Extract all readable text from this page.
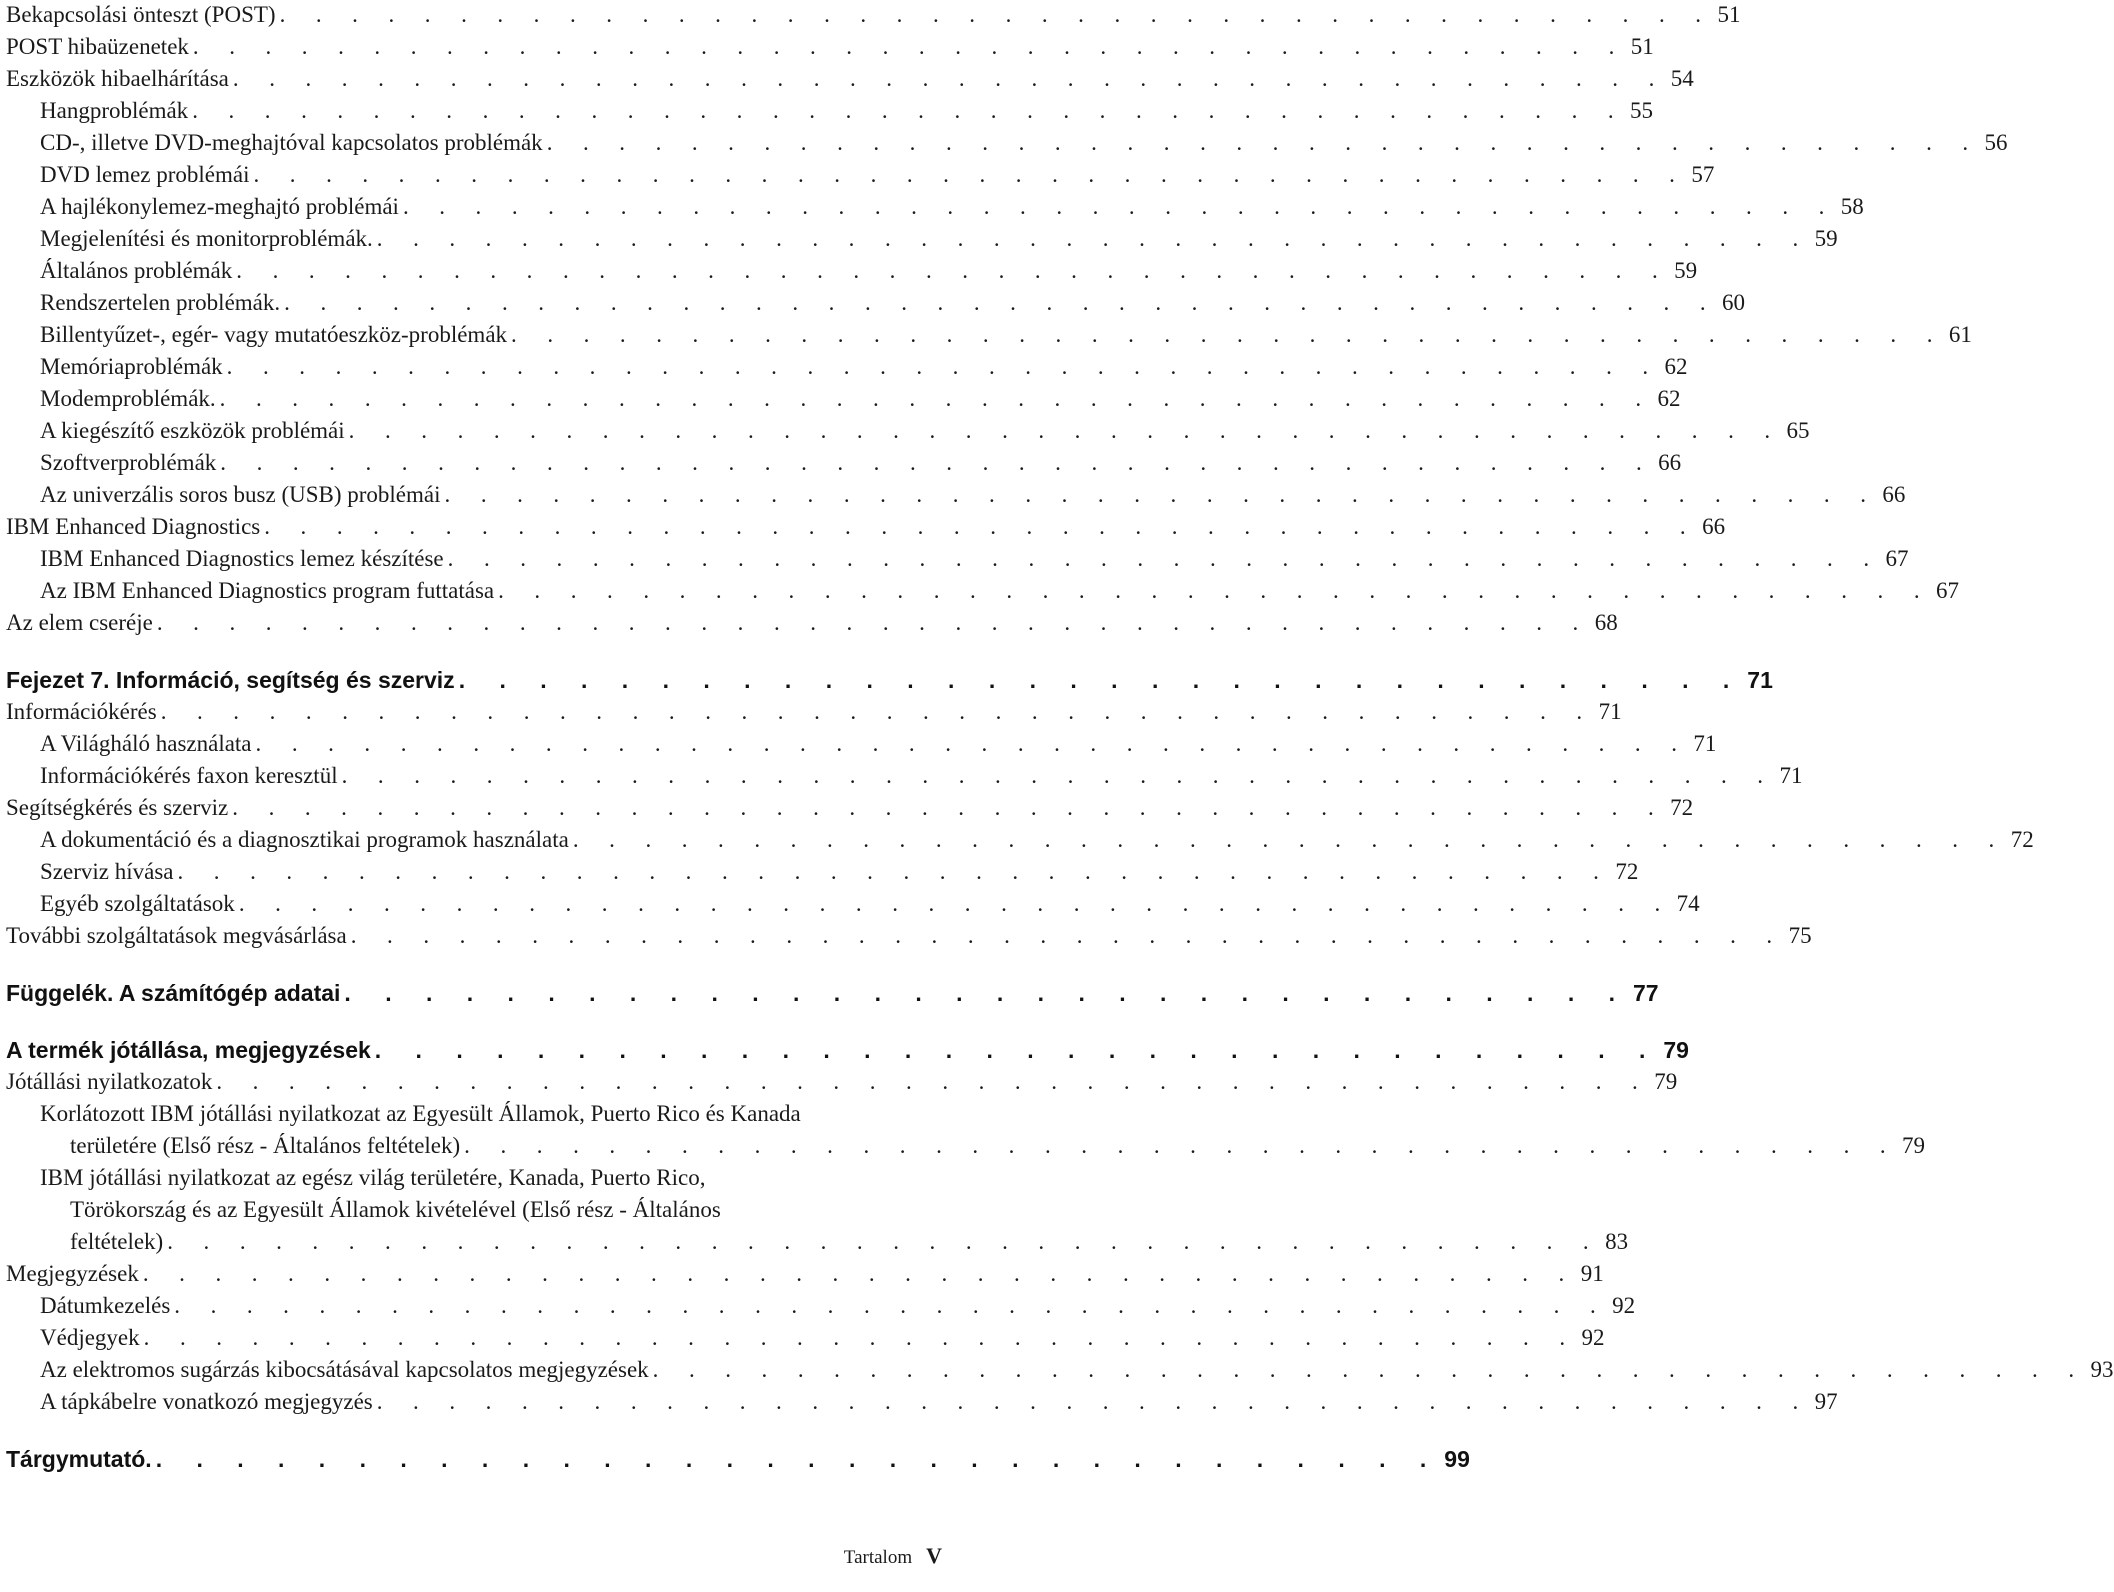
Bekapcsolási önteszt (POST) . . . . . . . . . . . . . . . . . . . . . . . . . . . . . . . . . . . . . . . . 51
POST hibaüzenetek . . . . . . . . . . . . . . . . . . . . . . . . . . . . . . . . . . . . . . . . 51
Eszközök hibaelhárítása . . . . . . . . . . . . . . . . . . . . . . . . . . . . . . . . . . . . . . . . 54
Hangproblémák . . . . . . . . . . . . . . . . . . . . . . . . . . . . . . . . . . . . . . . . 55
CD-, illetve DVD-meghajtóval kapcsolatos problémák . . . . . . . . . . . . . . . . . . . . . . . . . . . . . . . . . . . . . . . . 56
DVD lemez problémái . . . . . . . . . . . . . . . . . . . . . . . . . . . . . . . . . . . . . . . . 57
A hajlékonylemez-meghajtó problémái . . . . . . . . . . . . . . . . . . . . . . . . . . . . . . . . . . . . . . . . 58
Megjelenítési és monitorproblémák. . . . . . . . . . . . . . . . . . . . . . . . . . . . . . . . . . . . . . . . . 59
Általános problémák . . . . . . . . . . . . . . . . . . . . . . . . . . . . . . . . . . . . . . . . 59
Rendszertelen problémák. . . . . . . . . . . . . . . . . . . . . . . . . . . . . . . . . . . . . . . . . 60
Billentyűzet-, egér- vagy mutatóeszköz-problémák . . . . . . . . . . . . . . . . . . . . . . . . . . . . . . . . . . . . . . . . 61
Memóriaproblémák . . . . . . . . . . . . . . . . . . . . . . . . . . . . . . . . . . . . . . . . 62
Modemproblémák. . . . . . . . . . . . . . . . . . . . . . . . . . . . . . . . . . . . . . . . . 62
A kiegészítő eszközök problémái . . . . . . . . . . . . . . . . . . . . . . . . . . . . . . . . . . . . . . . . 65
Szoftverproblémák . . . . . . . . . . . . . . . . . . . . . . . . . . . . . . . . . . . . . . . . 66
Az univerzális soros busz (USB) problémái . . . . . . . . . . . . . . . . . . . . . . . . . . . . . . . . . . . . . . . . 66
IBM Enhanced Diagnostics . . . . . . . . . . . . . . . . . . . . . . . . . . . . . . . . . . . . . . . . 66
IBM Enhanced Diagnostics lemez készítése . . . . . . . . . . . . . . . . . . . . . . . . . . . . . . . . . . . . . . . . 67
Az IBM Enhanced Diagnostics program futtatása . . . . . . . . . . . . . . . . . . . . . . . . . . . . . . . . . . . . . . . . 67
Az elem cseréje . . . . . . . . . . . . . . . . . . . . . . . . . . . . . . . . . . . . . . . . 68
Fejezet 7. Információ, segítség és szerviz . . . . . . . . . . . . . . . . . . . . . . . . . . . . . . . . 71
Információkérés . . . . . . . . . . . . . . . . . . . . . . . . . . . . . . . . . . . . . . . . 71
A Világháló használata . . . . . . . . . . . . . . . . . . . . . . . . . . . . . . . . . . . . . . . . 71
Információkérés faxon keresztül . . . . . . . . . . . . . . . . . . . . . . . . . . . . . . . . . . . . . . . . 71
Segítségkérés és szerviz . . . . . . . . . . . . . . . . . . . . . . . . . . . . . . . . . . . . . . . . 72
A dokumentáció és a diagnosztikai programok használata . . . . . . . . . . . . . . . . . . . . . . . . . . . . . . . . . . . . . . . . 72
Szerviz hívása . . . . . . . . . . . . . . . . . . . . . . . . . . . . . . . . . . . . . . . . 72
Egyéb szolgáltatások . . . . . . . . . . . . . . . . . . . . . . . . . . . . . . . . . . . . . . . . 74
További szolgáltatások megvásárlása . . . . . . . . . . . . . . . . . . . . . . . . . . . . . . . . . . . . . . . . 75
Függelék. A számítógép adatai . . . . . . . . . . . . . . . . . . . . . . . . . . . . . . . . 77
A termék jótállása, megjegyzések . . . . . . . . . . . . . . . . . . . . . . . . . . . . . . . . 79
Jótállási nyilatkozatok . . . . . . . . . . . . . . . . . . . . . . . . . . . . . . . . . . . . . . . . 79
Korlátozott IBM jótállási nyilatkozat az Egyesült Államok, Puerto Rico és Kanada
területére (Első rész - Általános feltételek) . . . . . . . . . . . . . . . . . . . . . . . . . . . . . . . . . . . . . . . . 79
IBM jótállási nyilatkozat az egész világ területére, Kanada, Puerto Rico,
Törökország és az Egyesült Államok kivételével (Első rész - Általános
feltételek) . . . . . . . . . . . . . . . . . . . . . . . . . . . . . . . . . . . . . . . . 83
Megjegyzések . . . . . . . . . . . . . . . . . . . . . . . . . . . . . . . . . . . . . . . . 91
Dátumkezelés . . . . . . . . . . . . . . . . . . . . . . . . . . . . . . . . . . . . . . . . 92
Védjegyek . . . . . . . . . . . . . . . . . . . . . . . . . . . . . . . . . . . . . . . . 92
Az elektromos sugárzás kibocsátásával kapcsolatos megjegyzések . . . . . . . . . . . . . . . . . . . . . . . . . . . . . . . . . . . . . . . . 93
A tápkábelre vonatkozó megjegyzés . . . . . . . . . . . . . . . . . . . . . . . . . . . . . . . . . . . . . . . . 97
Tárgymutató. . . . . . . . . . . . . . . . . . . . . . . . . . . . . . . . . 99
Tartalom V
